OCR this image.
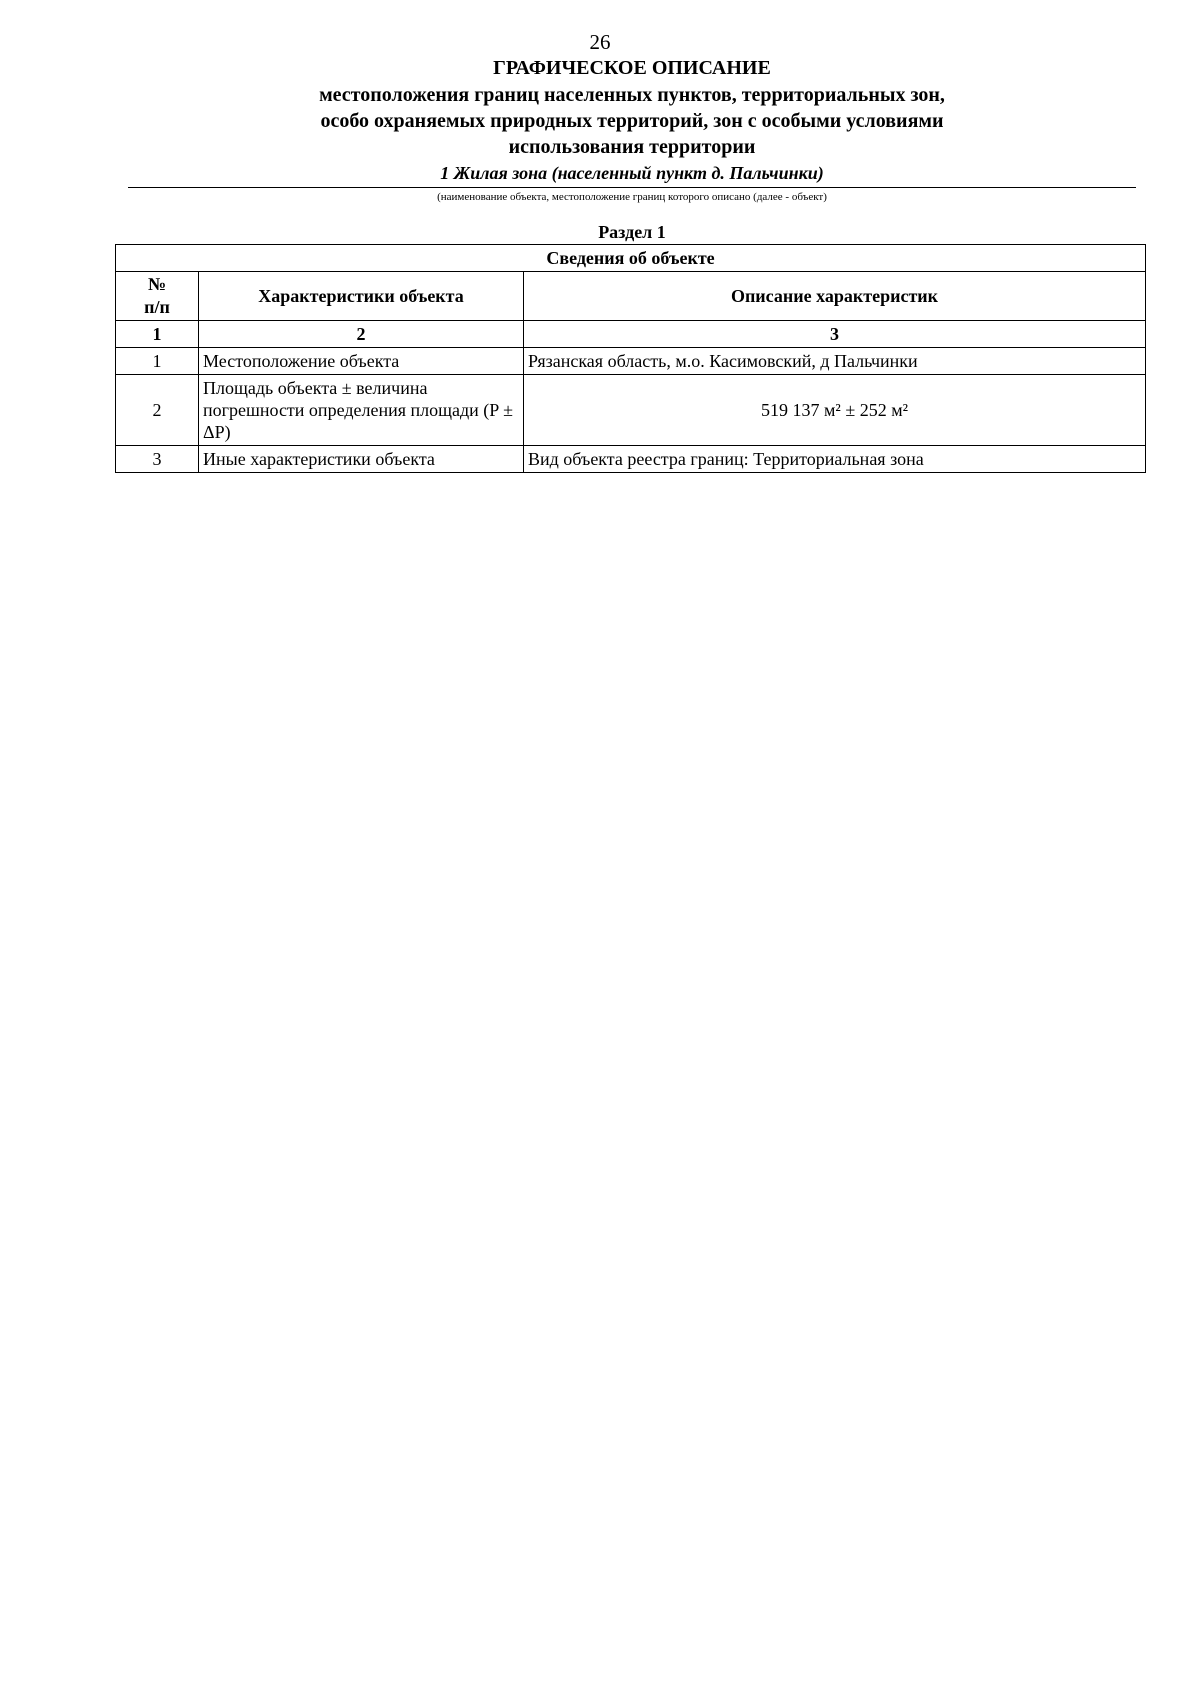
26
ГРАФИЧЕСКОЕ ОПИСАНИЕ
местоположения границ населенных пунктов, территориальных зон, особо охраняемых природных территорий, зон с особыми условиями использования территории
1 Жилая зона (населенный пункт д. Пальчинки)
(наименование объекта, местоположение границ которого описано (далее - объект)
Раздел 1
Сведения об объекте		
№
п/п	Характеристики объекта	Описание характеристик
1	2	3
1	Местоположение объекта	Рязанская область, м.о. Касимовский, д Пальчинки
2	Площадь объекта ± величина погрешности определения площади (P ± ΔP)	519 137 м² ± 252 м²
3	Иные характеристики объекта	Вид объекта реестра границ: Территориальная зона
